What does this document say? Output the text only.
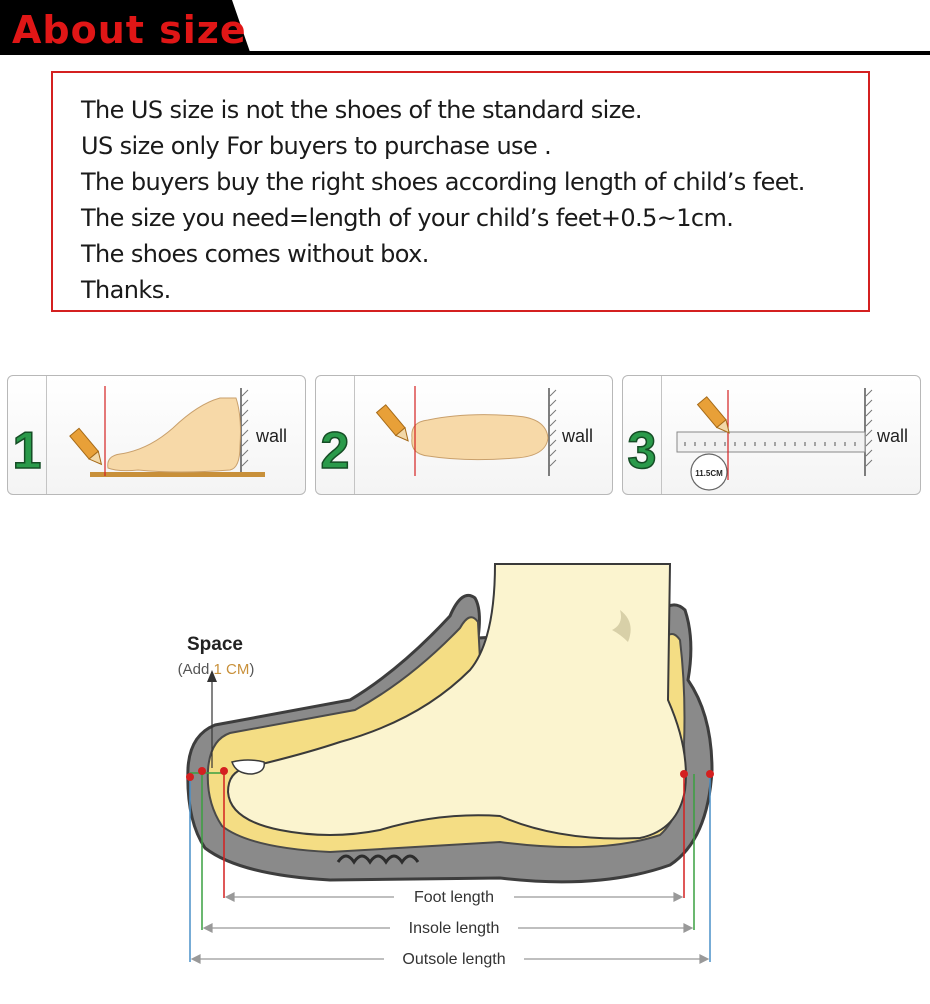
About size
The US size is not the shoes of the standard size.
US size only For buyers to purchase use .
The buyers buy the right shoes according length of child’s feet.
The size you need=length of your child’s feet+0.5~1cm.
The shoes comes without box.
Thanks.
1	wall 2	wall 3	11.5CM
wall
Space
(Add 1 CM)
Foot length
Insole length
Outsole length
